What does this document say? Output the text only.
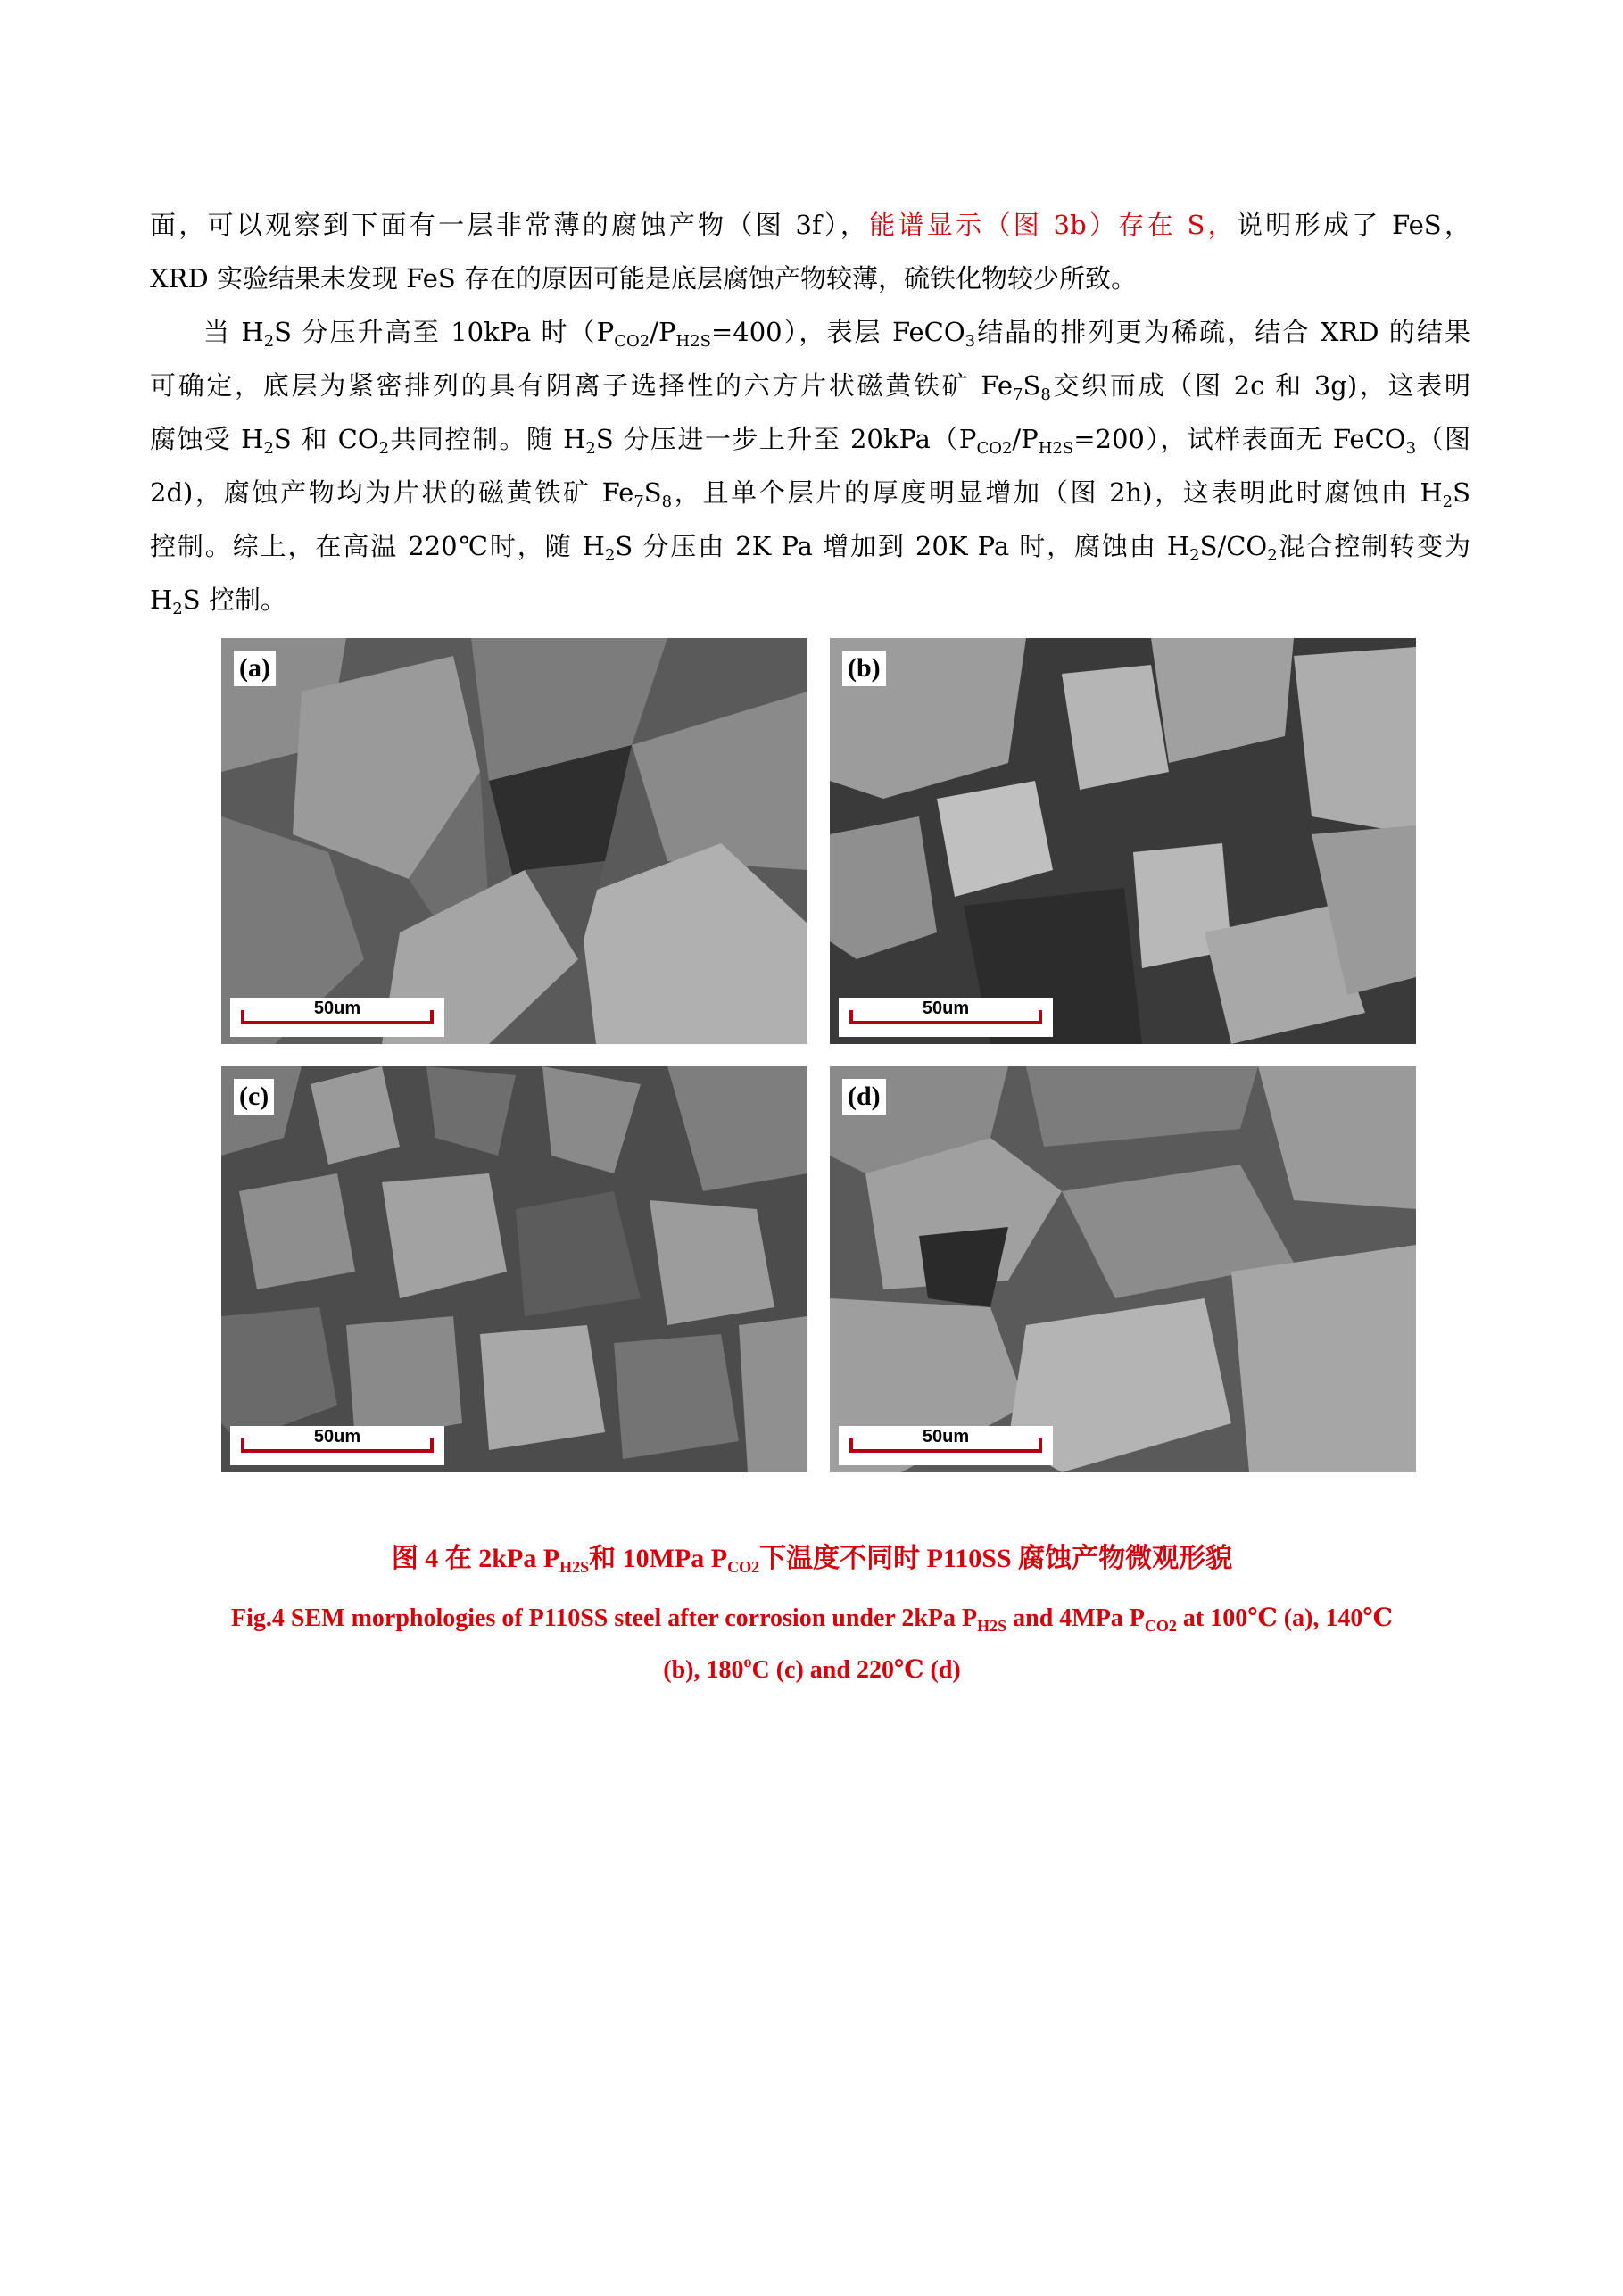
面，可以观察到下面有一层非常薄的腐蚀产物（图 3f），能谱显示（图 3b）存在 S，说明形成了 FeS，
XRD 实验结果未发现 FeS 存在的原因可能是底层腐蚀产物较薄，硫铁化物较少所致。
当 $H_2S$ 分压升高至 10kPa 时$(P_{CO2}/P_{H2S}=400)$，表层 FeCO$_3$结晶的排列更为稀疏，结合 XRD 的结果
可确定，底层为紧密排列的具有阴离子选择性的六方片状磁黄铁矿 $Fe_7S_8$交织而成（图 2c 和 3g)，这表明
腐蚀受 $H_2S$ 和 $CO_2$共同控制。随 $H_2S$ 分压进一步上升至 $20kPa(P_{CO2}/P_{H2S}=200)$，试样表面无 FeCO$_3$（图
2d)，腐蚀产物均为片状的磁黄铁矿 $Fe_7S_8$，且单个层片的厚度明显增加（图 2h)，这表明此时腐蚀由 $H_2S$
控制。综上，在高温 220℃时，随 $H_2S$ 分压由 2K Pa 增加到 20K Pa 时，腐蚀由 $H_2S/CO_2$混合控制转变为
$H_2S$ 控制。
(a)
50um
(b)
50um
(c)
50um
(d)
50um
图 4 在 2kPa $P_{H2S}$和 10MPa $P_{CO2}$下温度不同时 P110SS 腐蚀产物微观形貌
Fig.4 SEM morphologies of P110SS steel after corrosion under 2kPa $P_{H2S}$ and 4MPa $P_{CO2}$ at 100℃ (a), 140℃
(b), 180$^o$C (c) and 220℃ (d)
